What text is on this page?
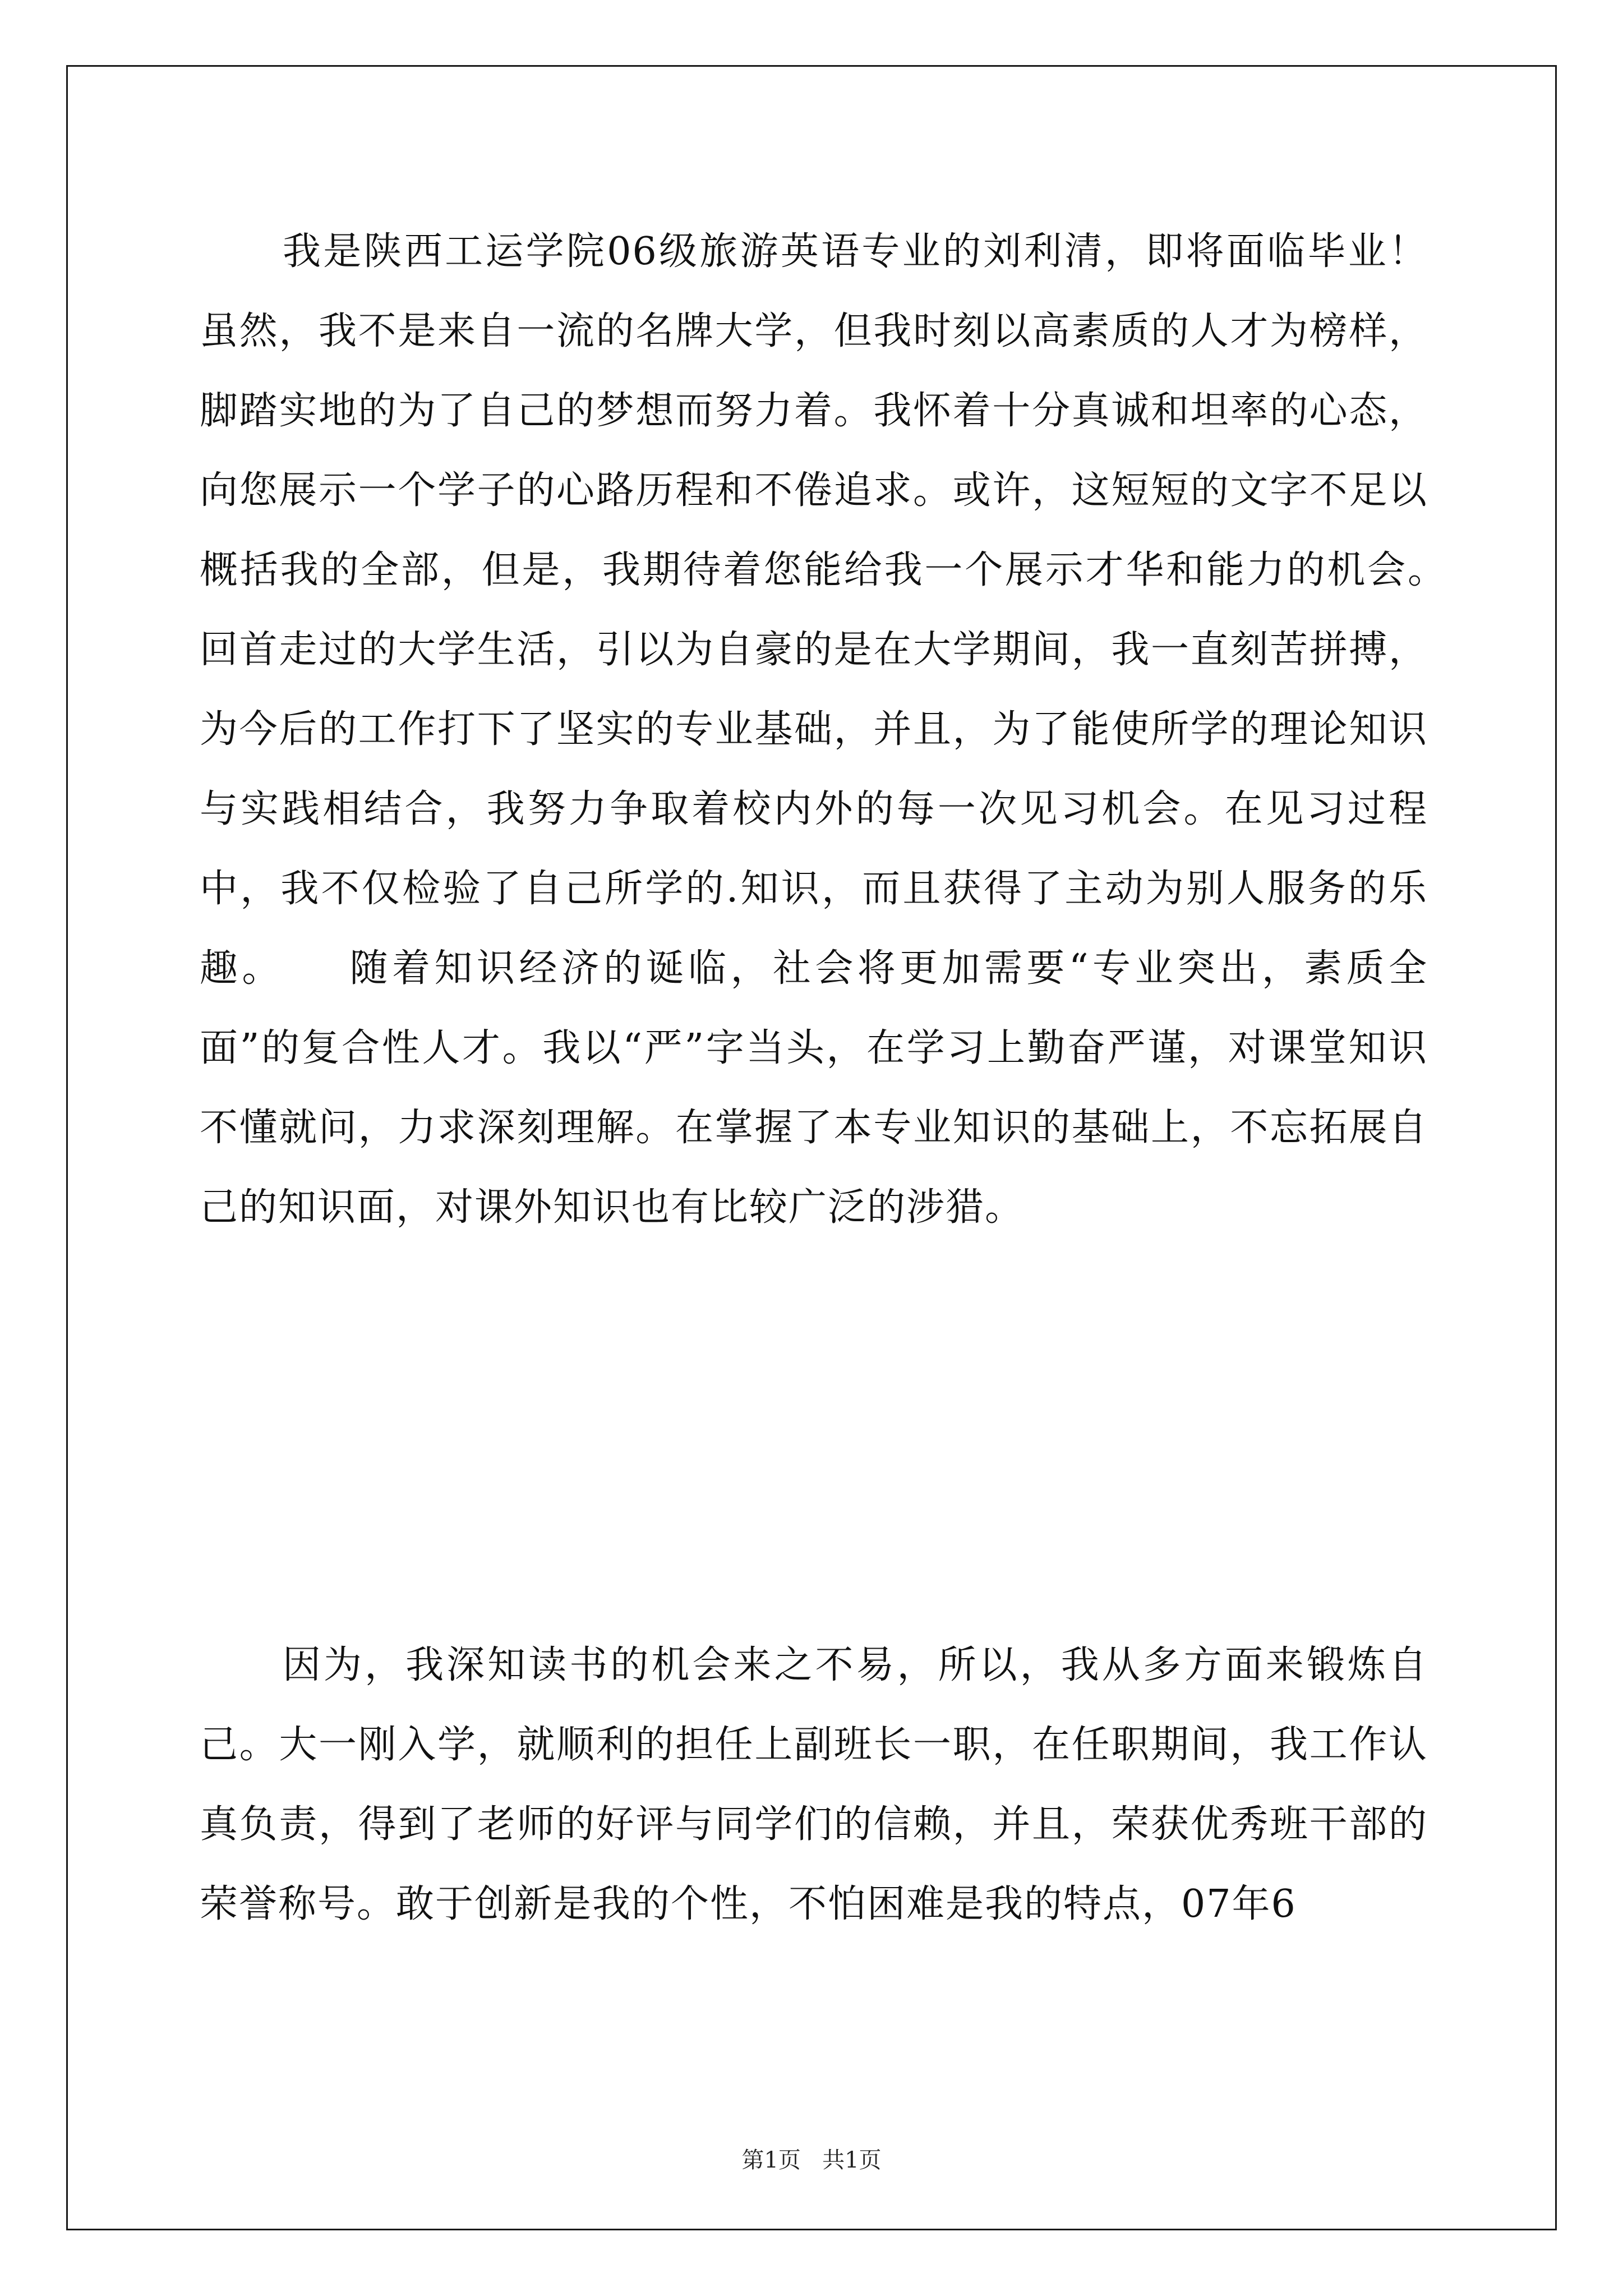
我是陕西工运学院06级旅游英语专业的刘利清，即将面临毕业！虽然，我不是来自一流的名牌大学，但我时刻以高素质的人才为榜样，脚踏实地的为了自己的梦想而努力着。我怀着十分真诚和坦率的心态，向您展示一个学子的心路历程和不倦追求。或许，这短短的文字不足以概括我的全部，但是，我期待着您能给我一个展示才华和能力的机会。　　回首走过的大学生活，引以为自豪的是在大学期间，我一直刻苦拼搏，为今后的工作打下了坚实的专业基础，并且，为了能使所学的理论知识与实践相结合，我努力争取着校内外的每一次见习机会。在见习过程中，我不仅检验了自己所学的.知识，而且获得了主动为别人服务的乐趣。　　随着知识经济的诞临，社会将更加需要“专业突出，素质全面”的复合性人才。我以“严”字当头，在学习上勤奋严谨，对课堂知识不懂就问，力求深刻理解。在掌握了本专业知识的基础上，不忘拓展自己的知识面，对课外知识也有比较广泛的涉猎。

因为，我深知读书的机会来之不易，所以，我从多方面来锻炼自己。大一刚入学，就顺利的担任上副班长一职，在任职期间，我工作认真负责，得到了老师的好评与同学们的信赖，并且，荣获优秀班干部的荣誉称号。敢于创新是我的个性，不怕困难是我的特点，07年6

第1页 共1页
